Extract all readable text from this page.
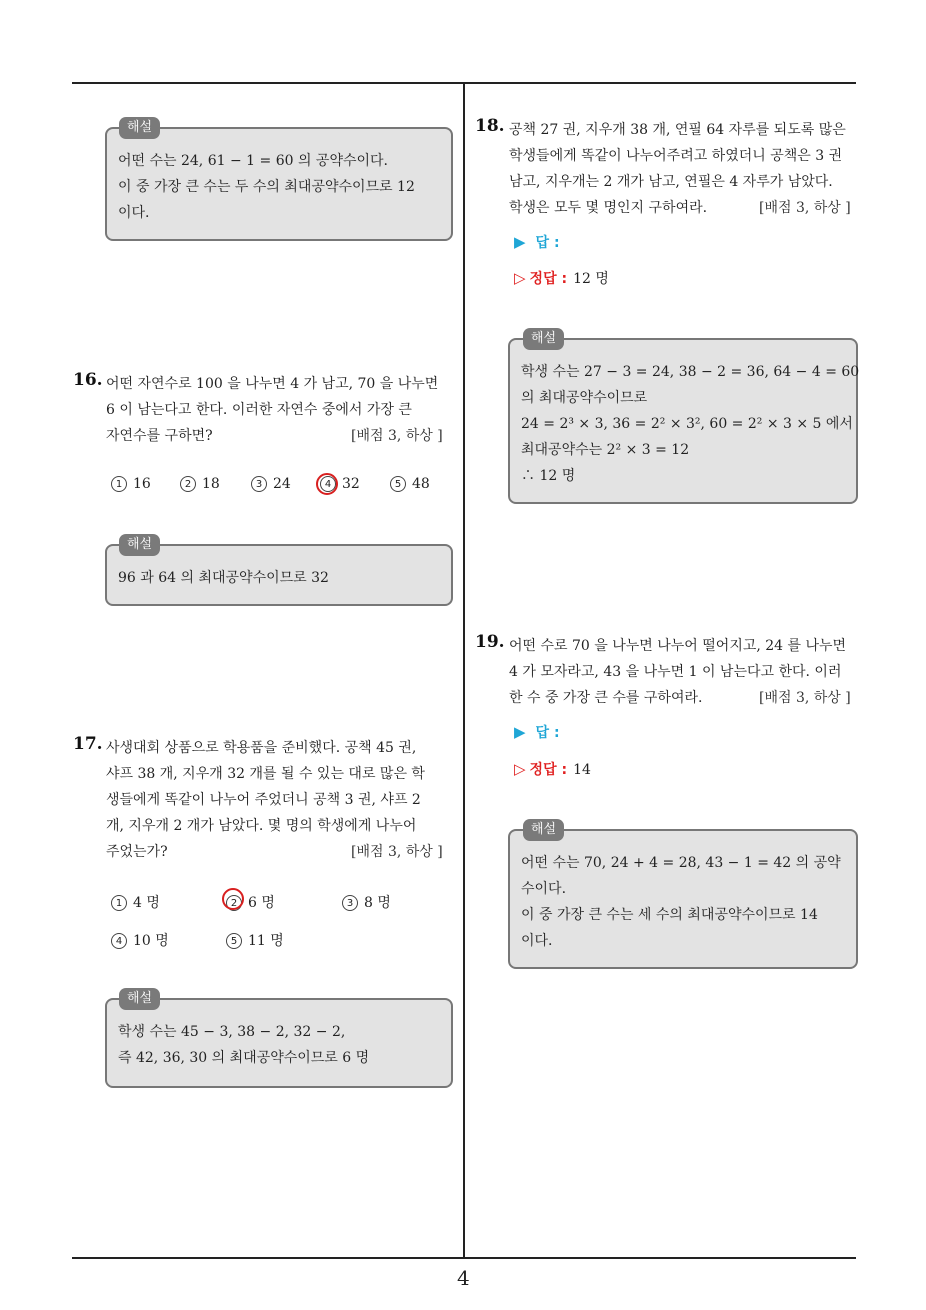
4
해설
어떤 수는 24, 61 − 1 = 60 의 공약수이다.
이 중 가장 큰 수는 두 수의 최대공약수이므로 12
이다.
16. 어떤 자연수로 100 을 나누면 4 가 남고, 70 을 나누면
6 이 남는다고 한다. 이러한 자연수 중에서 가장 큰
자연수를 구하면?	[배점 3, 하상 ]
1 16	2 18	3 24	4 32	5 48
해설
96 과 64 의 최대공약수이므로 32
17. 사생대회 상품으로 학용품을 준비했다. 공책 45 권,
샤프 38 개, 지우개 32 개를 될 수 있는 대로 많은 학
생들에게 똑같이 나누어 주었더니 공책 3 권, 샤프 2
개, 지우개 2 개가 남았다. 몇 명의 학생에게 나누어
주었는가?	[배점 3, 하상 ]
1 4 명	2 6 명	3 8 명
4 10 명	5 11 명
해설
학생 수는 45 − 3, 38 − 2, 32 − 2,
즉 42, 36, 30 의 최대공약수이므로 6 명
18. 공책 27 권, 지우개 38 개, 연필 64 자루를 되도록 많은
학생들에게 똑같이 나누어주려고 하였더니 공책은 3 권
남고, 지우개는 2 개가 남고, 연필은 4 자루가 남았다.
학생은 모두 몇 명인지 구하여라.	[배점 3, 하상 ]
▶ 답 :
▷ 정답 : 12 명
해설
학생 수는 27 − 3 = 24, 38 − 2 = 36, 64 − 4 = 60
의 최대공약수이므로
24 = 2³ × 3, 36 = 2² × 3², 60 = 2² × 3 × 5 에서
최대공약수는 2² × 3 = 12
∴ 12 명
19. 어떤 수로 70 을 나누면 나누어 떨어지고, 24 를 나누면
4 가 모자라고, 43 을 나누면 1 이 남는다고 한다. 이러
한 수 중 가장 큰 수를 구하여라.	[배점 3, 하상 ]
▶ 답 :
▷ 정답 : 14
해설
어떤 수는 70, 24 + 4 = 28, 43 − 1 = 42 의 공약
수이다.
이 중 가장 큰 수는 세 수의 최대공약수이므로 14
이다.
